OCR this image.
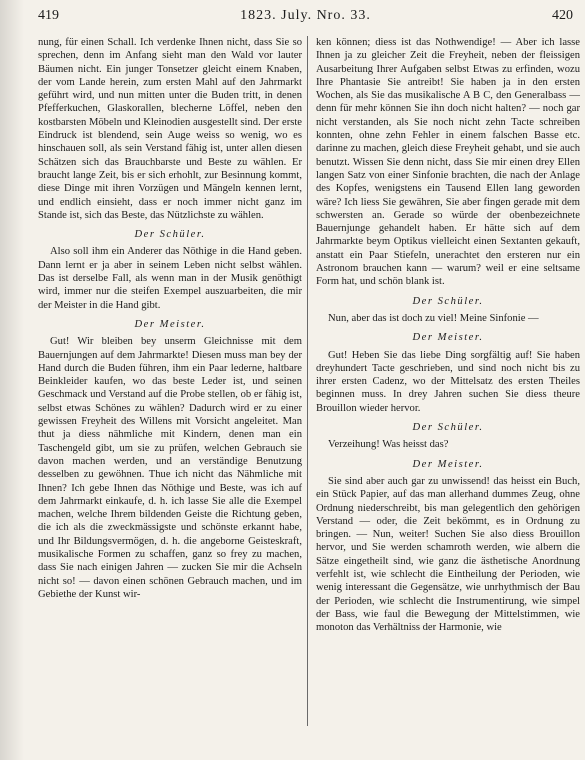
419	1823. July. Nro. 33.	420

nung, für einen Schall. Ich verdenke Ihnen nicht, dass Sie so sprechen, denn im Anfang sieht man den Wald vor lauter Bäumen nicht. Ein junger Tonsetzer gleicht einem Knaben, der vom Lande herein, zum ersten Mahl auf den Jahrmarkt geführt wird, und nun mitten unter die Buden tritt, in denen Pfefferkuchen, Glaskorallen, blecherne Löffel, neben den kostbarsten Möbeln und Kleinodien ausgestellt sind. Der erste Eindruck ist blendend, sein Auge weiss so wenig, wo es hinschauen soll, als sein Verstand fähig ist, unter allen diesen Schätzen sich das Brauchbarste und Beste zu wählen. Er braucht lange Zeit, bis er sich erhohlt, zur Besinnung kommt, diese Dinge mit ihren Vorzügen und Mängeln kennen lernt, und endlich einsieht, dass er noch immer nicht ganz im Stande ist, sich das Beste, das Nützlichste zu wählen.

Der Schüler.

Also soll ihm ein Anderer das Nöthige in die Hand geben. Dann lernt er ja aber in seinem Leben nicht selbst wählen. Das ist derselbe Fall, als wenn man in der Musik genöthigt wird, immer nur die steifen Exempel auszuarbeiten, die mir der Meister in die Hand gibt.

Der Meister.

Gut! Wir bleiben bey unserm Gleichnisse mit dem Bauernjungen auf dem Jahrmarkte! Diesen muss man bey der Hand durch die Buden führen, ihm ein Paar lederne, haltbare Beinkleider kaufen, wo das beste Leder ist, und seinen Geschmack und Verstand auf die Probe stellen, ob er fähig ist, selbst etwas Schönes zu wählen? Dadurch wird er zu einer gewissen Freyheit des Willens mit Vorsicht angeleitet. Man thut ja diess nähmliche mit Kindern, denen man ein Taschengeld gibt, um sie zu prüfen, welchen Gebrauch sie davon machen werden, und an verständige Benutzung desselben zu gewöhnen. Thue ich nicht das Nähmliche mit Ihnen? Ich gebe Ihnen das Nöthige und Beste, was ich auf dem Jahrmarkt einkaufe, d. h. ich lasse Sie alle die Exempel machen, welche Ihrem bildenden Geiste die Richtung geben, die ich als die zweckmässigste und schönste erkannt habe, und Ihr Bildungsvermögen, d. h. die angeborne Geisteskraft, musikalische Formen zu schaffen, ganz so frey zu machen, dass Sie nach einigen Jahren — zucken Sie mir die Achseln nicht so! — davon einen schönen Gebrauch machen, und im Gebiethe der Kunst wir-

ken können; diess ist das Nothwendige! — Aber ich lasse Ihnen ja zu gleicher Zeit die Freyheit, neben der fleissigen Ausarbeitung Ihrer Aufgaben selbst Etwas zu erfinden, wozu Ihre Phantasie Sie antreibt! Sie haben ja in den ersten Wochen, als Sie das musikalische A B C, den Generalbass — denn für mehr können Sie ihn doch nicht halten? — noch gar nicht verstanden, als Sie noch nicht zehn Tacte schreiben konnten, ohne zehn Fehler in einem falschen Basse etc. darinne zu machen, gleich diese Freyheit gehabt, und sie auch benutzt. Wissen Sie denn nicht, dass Sie mir einen drey Ellen langen Satz von einer Sinfonie brachten, die nach der Anlage des Kopfes, wenigstens ein Tausend Ellen lang geworden wäre? Ich liess Sie gewähren, Sie aber fingen gerade mit dem schwersten an. Gerade so würde der obenbezeichnete Bauernjunge gehandelt haben. Er hätte sich auf dem Jahrmarkte beym Optikus vielleicht einen Sextanten gekauft, anstatt ein Paar Stiefeln, unerachtet den ersteren nur ein Astronom brauchen kann — warum? weil er eine seltsame Form hat, und schön blank ist.

Der Schüler.

Nun, aber das ist doch zu viel! Meine Sinfonie —

Der Meister.

Gut! Heben Sie das liebe Ding sorgfältig auf! Sie haben dreyhundert Tacte geschrieben, und sind noch nicht bis zu ihrer ersten Cadenz, wo der Mittelsatz des ersten Theiles beginnen muss. In drey Jahren suchen Sie diess theure Brouillon wieder hervor.

Der Schüler.

Verzeihung! Was heisst das?

Der Meister.

Sie sind aber auch gar zu unwissend! das heisst ein Buch, ein Stück Papier, auf das man allerhand dummes Zeug, ohne Ordnung niederschreibt, bis man gelegentlich den gehörigen Verstand — oder, die Zeit bekömmt, es in Ordnung zu bringen. — Nun, weiter! Suchen Sie also diess Brouillon hervor, und Sie werden schamroth werden, wie albern die Sätze eingetheilt sind, wie ganz die ästhetische Anordnung verfehlt ist, wie schlecht die Eintheilung der Perioden, wie wenig interessant die Gegensätze, wie unrhythmisch der Bau der Perioden, wie schlecht die Instrumentirung, wie simpel der Bass, wie faul die Bewegung der Mittelstimmen, wie monoton das Verhältniss der Harmonie, wie
